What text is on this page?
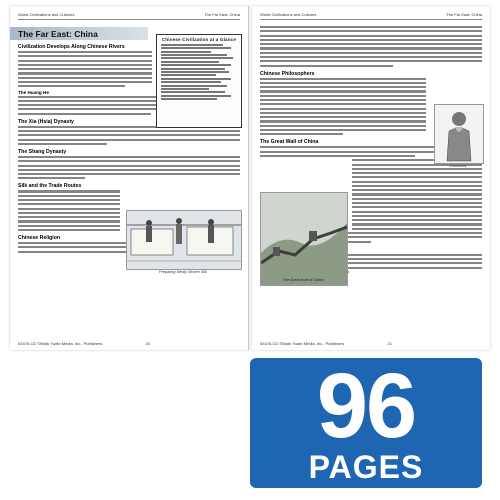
World Civilizations and Cultures	The Far East: China
The Far East: China
Chinese Civilization at a Glance
Civilization Develops Along Chinese Rivers
The Huang He
The Xia (Hsia) Dynasty
The Shang Dynasty
Silk and the Trade Routes
Chinese Religion
Preparing Newly Woven Silk
#3478-CD ©Mark Twain Media, Inc., Publishers	20
World Civilizations and Cultures	The Far East: China
Chinese Philosophers
Confucius
The Great Wall of China
The Great Wall of China
#3478-CD ©Mark Twain Media, Inc., Publishers	21
96
PAGES
